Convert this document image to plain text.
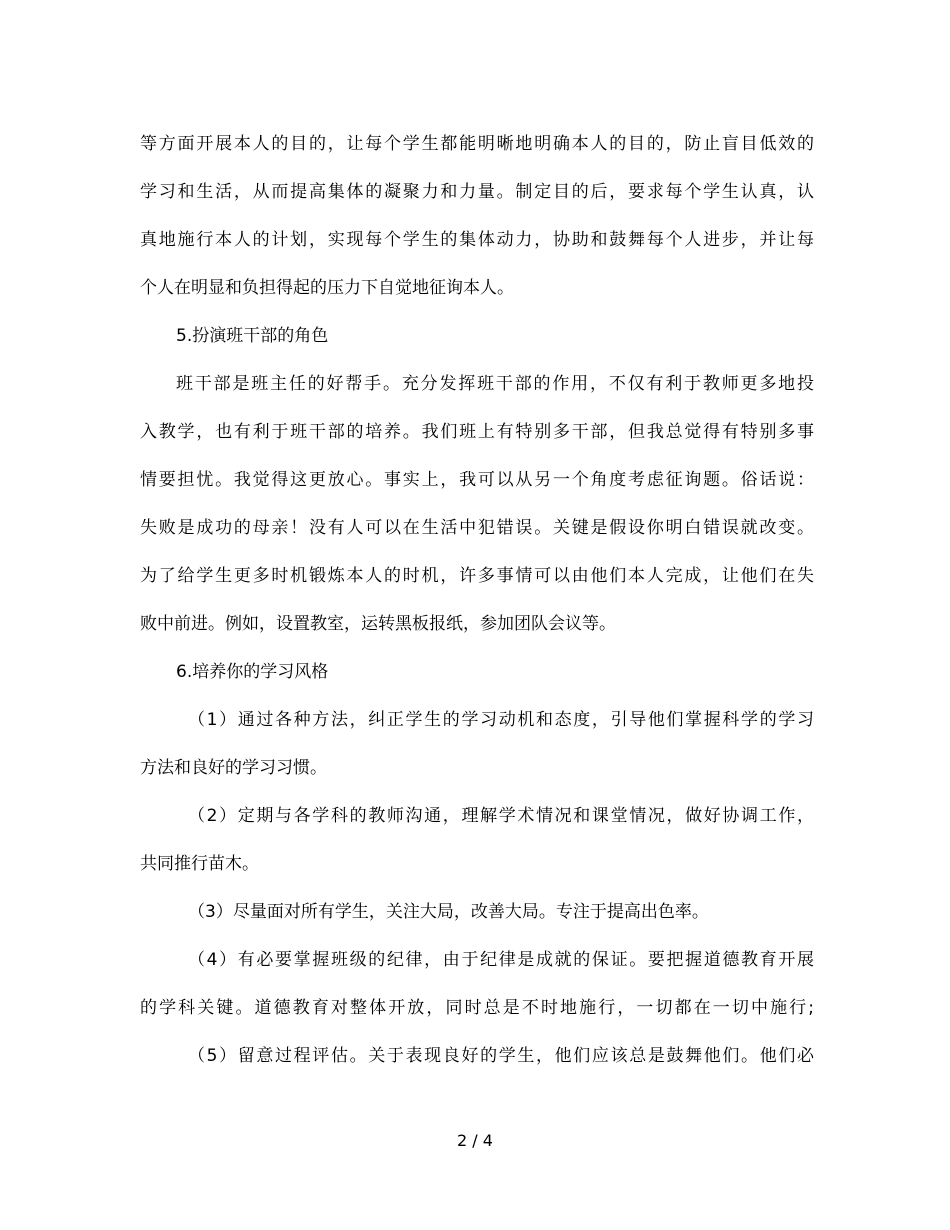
等方面开展本人的目的，让每个学生都能明晰地明确本人的目的，防止盲目低效的
学习和生活，从而提高集体的凝聚力和力量。制定目的后，要求每个学生认真，认
真地施行本人的计划，实现每个学生的集体动力，协助和鼓舞每个人进步，并让每
个人在明显和负担得起的压力下自觉地征询本人。
5.扮演班干部的角色
班干部是班主任的好帮手。充分发挥班干部的作用，不仅有利于教师更多地投
入教学，也有利于班干部的培养。我们班上有特别多干部，但我总觉得有特别多事
情要担忧。我觉得这更放心。事实上，我可以从另一个角度考虑征询题。俗话说：
失败是成功的母亲！没有人可以在生活中犯错误。关键是假设你明白错误就改变。
为了给学生更多时机锻炼本人的时机，许多事情可以由他们本人完成，让他们在失
败中前进。例如，设置教室，运转黑板报纸，参加团队会议等。
6.培养你的学习风格
（1）通过各种方法，纠正学生的学习动机和态度，引导他们掌握科学的学习
方法和良好的学习习惯。
（2）定期与各学科的教师沟通，理解学术情况和课堂情况，做好协调工作，
共同推行苗木。
（3）尽量面对所有学生，关注大局，改善大局。专注于提高出色率。
（4）有必要掌握班级的纪律，由于纪律是成就的保证。要把握道德教育开展
的学科关键。道德教育对整体开放，同时总是不时地施行，一切都在一切中施行;
（5）留意过程评估。关于表现良好的学生，他们应该总是鼓舞他们。他们必
2 / 4
